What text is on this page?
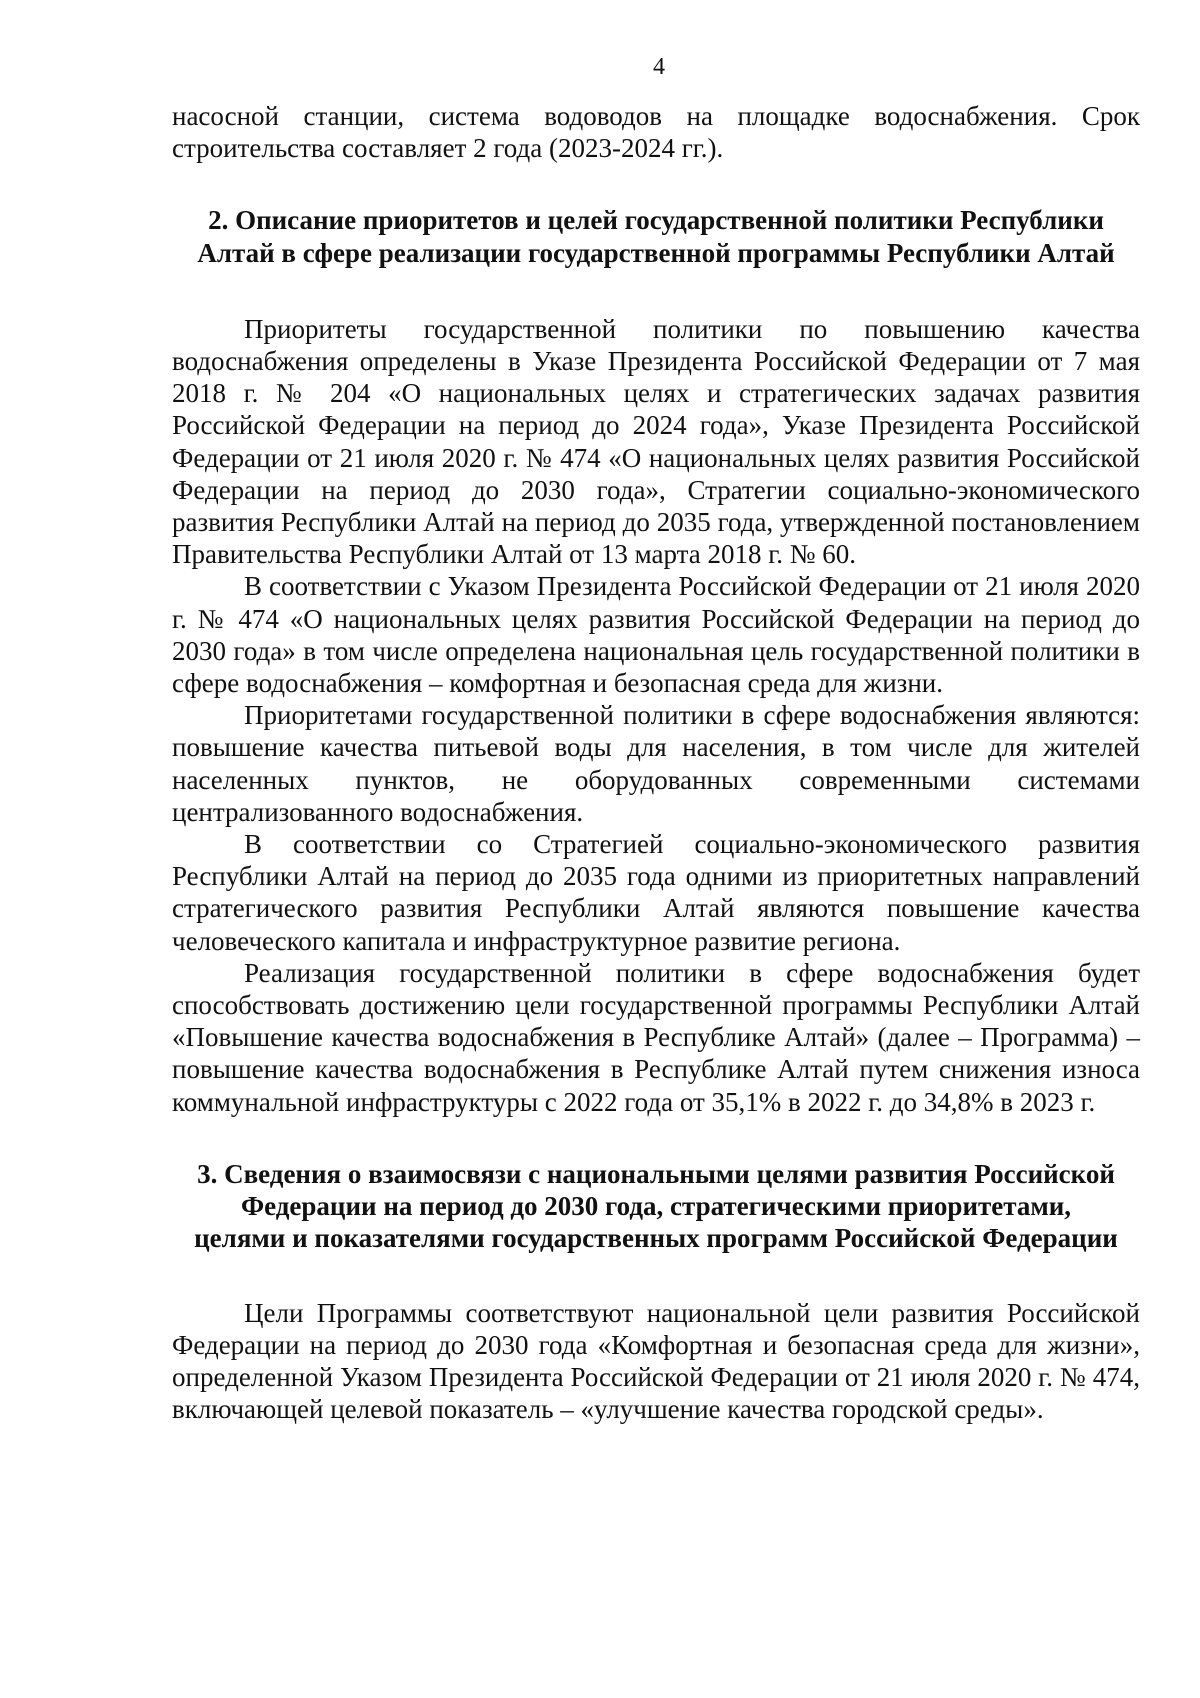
4

насосной станции, система водоводов на площадке водоснабжения. Срок строительства составляет 2 года (2023-2024 гг.).

2. Описание приоритетов и целей государственной политики Республики
Алтай в сфере реализации государственной программы Республики Алтай

Приоритеты государственной политики по повышению качества водоснабжения определены в Указе Президента Российской Федерации от 7 мая 2018 г. № 204 «О национальных целях и стратегических задачах развития Российской Федерации на период до 2024 года», Указе Президента Российской Федерации от 21 июля 2020 г. № 474 «О национальных целях развития Российской Федерации на период до 2030 года», Стратегии социально-экономического развития Республики Алтай на период до 2035 года, утвержденной постановлением Правительства Республики Алтай от 13 марта 2018 г. № 60.

В соответствии с Указом Президента Российской Федерации от 21 июля 2020 г. № 474 «О национальных целях развития Российской Федерации на период до 2030 года» в том числе определена национальная цель государственной политики в сфере водоснабжения – комфортная и безопасная среда для жизни.

Приоритетами государственной политики в сфере водоснабжения являются: повышение качества питьевой воды для населения, в том числе для жителей населенных пунктов, не оборудованных современными системами централизованного водоснабжения.

В соответствии со Стратегией социально-экономического развития Республики Алтай на период до 2035 года одними из приоритетных направлений стратегического развития Республики Алтай являются повышение качества человеческого капитала и инфраструктурное развитие региона.

Реализация государственной политики в сфере водоснабжения будет способствовать достижению цели государственной программы Республики Алтай «Повышение качества водоснабжения в Республике Алтай» (далее – Программа) – повышение качества водоснабжения в Республике Алтай путем снижения износа коммунальной инфраструктуры с 2022 года от 35,1% в 2022 г. до 34,8% в 2023 г.

3. Сведения о взаимосвязи с национальными целями развития Российской
Федерации на период до 2030 года, стратегическими приоритетами,
целями и показателями государственных программ Российской Федерации

Цели Программы соответствуют национальной цели развития Российской Федерации на период до 2030 года «Комфортная и безопасная среда для жизни», определенной Указом Президента Российской Федерации от 21 июля 2020 г. № 474, включающей целевой показатель – «улучшение качества городской среды».
